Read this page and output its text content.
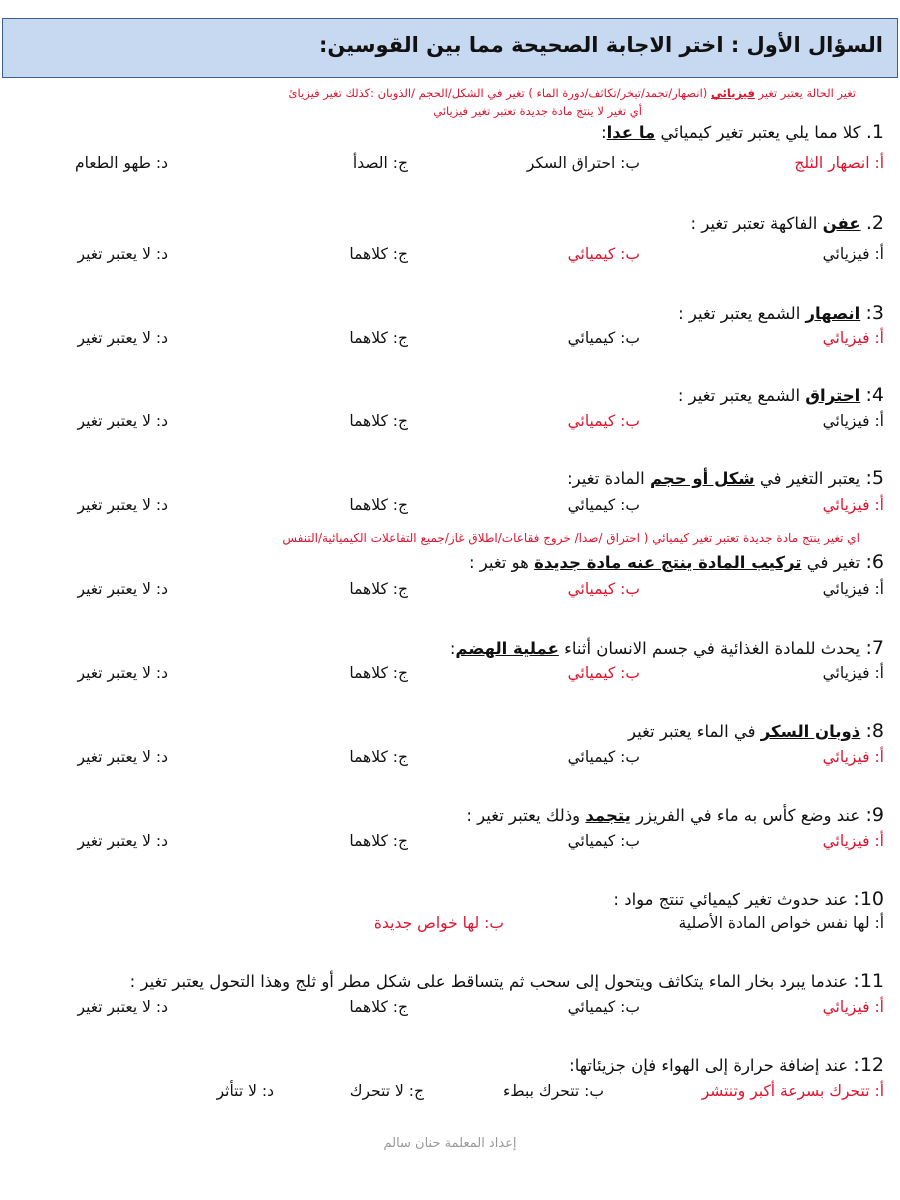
السؤال الأول : اختر الاجابة الصحيحة مما بين القوسين:
تغير الحالة يعتبر تغير فيزيائي (انصهار/تجمد/تبخر/تكاثف/دورة الماء ) تغير في الشكل/الحجم /الذوبان :كذلك تغير فيزيائ
أي تغير لا ينتج مادة جديدة تعتبر تغير فيزيائي
اي تغير ينتج مادة جديدة تعتبر تغير كيميائي ( احتراق /صدا/ خروج فقاعات/اطلاق غاز/جميع التفاعلات الكيميائية/التنفس
1. كلا مما يلي يعتبر تغير كيميائي ما عدا:
أ: انصهار الثلج
ب: احتراق السكر
ج: الصدأ
د: طهو الطعام
2. عفن الفاكهة تعتبر تغير :
أ: فيزيائي
ب: كيميائي
ج: كلاهما
د: لا يعتبر تغير
3: انصهار الشمع يعتبر تغير :
أ: فيزيائي
ب: كيميائي
ج: كلاهما
د: لا يعتبر تغير
4: احتراق الشمع يعتبر تغير :
أ: فيزيائي
ب: كيميائي
ج: كلاهما
د: لا يعتبر تغير
5: يعتبر التغير في شكل أو حجم المادة تغير:
أ: فيزيائي
ب: كيميائي
ج: كلاهما
د: لا يعتبر تغير
6: تغير في تركيب المادة ينتج عنه مادة جديدة هو تغير :
أ: فيزيائي
ب: كيميائي
ج: كلاهما
د: لا يعتبر تغير
7: يحدث للمادة الغذائية في جسم الانسان أثناء عملية الهضم:
أ: فيزيائي
ب: كيميائي
ج: كلاهما
د: لا يعتبر تغير
8: ذوبان السكر في الماء يعتبر تغير
أ: فيزيائي
ب: كيميائي
ج: كلاهما
د: لا يعتبر تغير
9: عند وضع كأس به ماء في الفريزر يتجمد وذلك يعتبر تغير :
أ: فيزيائي
ب: كيميائي
ج: كلاهما
د: لا يعتبر تغير
10: عند حدوث تغير كيميائي تنتج مواد :
أ: لها نفس خواص المادة الأصلية
ب: لها خواص جديدة
11: عندما يبرد بخار الماء يتكاثف ويتحول إلى سحب ثم يتساقط على شكل مطر أو ثلج وهذا التحول يعتبر تغير :
أ: فيزيائي
ب: كيميائي
ج: كلاهما
د: لا يعتبر تغير
12: عند إضافة حرارة إلى الهواء فإن جزيئاتها:
أ: تتحرك بسرعة أكبر وتنتشر
ب: تتحرك ببطء
ج: لا تتحرك
د: لا تتأثر
إعداد المعلمة حنان سالم
